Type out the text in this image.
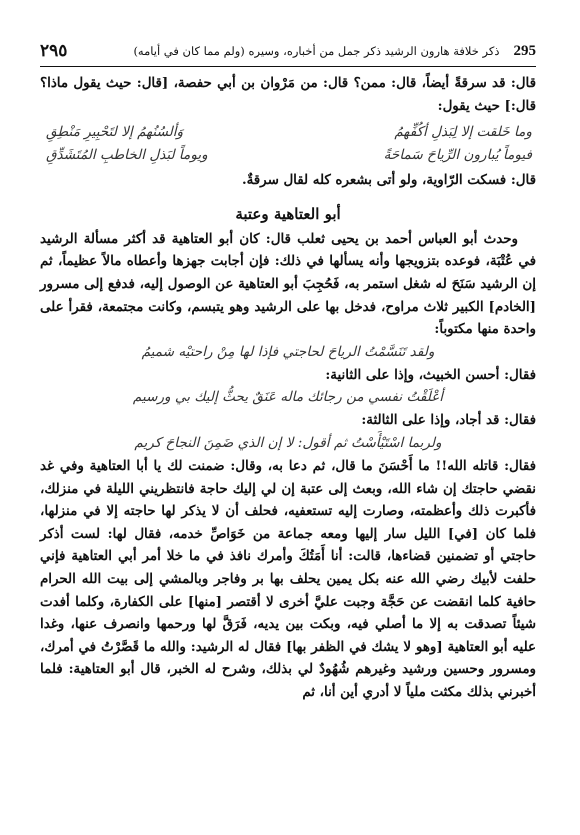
٢٩٥	ذكر خلافة هارون الرشيد ذكر جمل من أخباره، وسيره (ولم مما كان في أيامه) 295

قال: قد سرقةً أيضاً، قال: ممن؟ قال: من مَرْوان بن أبي حفصة، [قال: حيث يقول ماذا؟ قال:] حيث يقول:

وما خَلقت إلا لِبَذلِ أكُفِّهمُ
وَألسُنُهمُ إلا لتَحْبِيرِ مَنْطِقِ
فيوماً يُبارون الرِّياحَ سَماحَةً
ويوماً لبَذلِ الخاطبِ المُتَشَدِّقِ

قال: فسكت الرّاوية، ولو أتى بشعره كله لقال سرقةٌ.

أبو العتاهية وعتبة

وحدث أبو العباس أحمد بن يحيى ثعلب قال: كان أبو العتاهية قد أكثر مسألة الرشيد في عُتْبَة، فوعده بتزويجها وأنه يسألها في ذلك: فإن أجابت جهزها وأعطاه مالاً عظيماً، ثم إن الرشيد سَنَحَ له شغل استمر به، فَحُجِبَ أبو العتاهية عن الوصول إليه، فدفع إلى مسرور [الخادم] الكبير ثلاث مراوح، فدخل بها على الرشيد وهو يتبسم، وكانت مجتمعة، فقرأ على واحدة منها مكتوباً:

ولقد تَنَسَّمْتُ الرياحَ لحاجتي فإذا لها مِنْ راحتيْه شميمُ

فقال: أحسن الخبيث، وإذا على الثانية:

أعْلَقْتُ نفسي من رجائك ماله عَنَقٌ يحثُّ إليك بي ورسيم

فقال: قد أجاد، وإذا على الثالثة:

ولربما اسْتَيْأَسْتُ ثم أقول: لا إن الذي ضَمِنَ النجاحَ كريم

فقال: قاتله الله!! ما أَحْسَنَ ما قال، ثم دعا به، وقال: ضمنت لك يا أبا العتاهية وفي غد نقضي حاجتك إن شاء الله، وبعث إلى عتبة إن لي إليك حاجة فانتظريني الليلة في منزلك، فأكبرت ذلك وأعظمته، وصارت إليه تستعفيه، فحلف أن لا يذكر لها حاجته إلا في منزلها، فلما كان [في] الليل سار إليها ومعه جماعة من خَوَاصِّ خدمه، فقال لها: لست أذكر حاجتي أو تضمنين قضاءها، قالت: أنا أَمَتُكَ وأمرك نافذ في ما خلا أمر أبي العتاهية فإني حلفت لأبيك رضي الله عنه بكل يمين يحلف بها بر وفاجر وبالمشي إلى بيت الله الحرام حافية كلما انقضت عن حَجَّة وجبت عليَّ أخرى لا أقتصر [منها] على الكفارة، وكلما أفدت شيئاً تصدقت به إلا ما أصلي فيه، وبكت بين يديه، فَرَقَّ لها ورحمها وانصرف عنها، وغدا عليه أبو العتاهية [وهو لا يشك في الظفر بها] فقال له الرشيد: والله ما قَصَّرْتُ في أمرك، ومسرور وحسين ورشيد وغيرهم شُهُودٌ لي بذلك، وشرح له الخبر، قال أبو العتاهية: فلما أخبرني بذلك مكثت ملياً لا أدري أين أنا، ثم
